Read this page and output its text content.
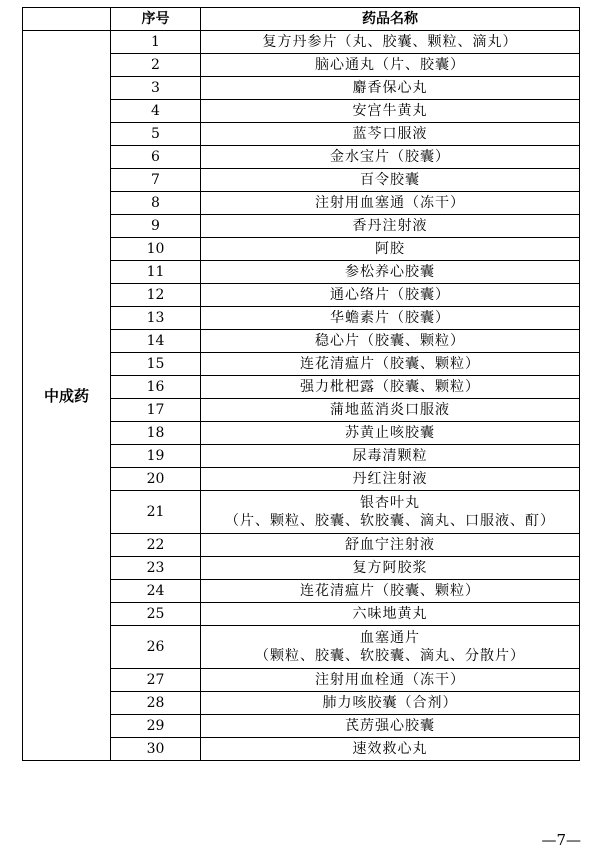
	序号	药品名称
中成药	1	复方丹参片（丸、胶囊、颗粒、滴丸）
	2	脑心通丸（片、胶囊）
	3	麝香保心丸
	4	安宫牛黄丸
	5	蓝芩口服液
	6	金水宝片（胶囊）
	7	百令胶囊
	8	注射用血塞通（冻干）
	9	香丹注射液
	10	阿胶
	11	参松养心胶囊
	12	通心络片（胶囊）
	13	华蟾素片（胶囊）
	14	稳心片（胶囊、颗粒）
	15	连花清瘟片（胶囊、颗粒）
	16	强力枇杷露（胶囊、颗粒）
	17	蒲地蓝消炎口服液
	18	苏黄止咳胶囊
	19	尿毒清颗粒
	20	丹红注射液
	21	银杏叶丸
（片、颗粒、胶囊、软胶囊、滴丸、口服液、酊）

	22	舒血宁注射液
	23	复方阿胶浆
	24	连花清瘟片（胶囊、颗粒）
	25	六味地黄丸
	26	血塞通片
（颗粒、胶囊、软胶囊、滴丸、分散片）

	27	注射用血栓通（冻干）
	28	肺力咳胶囊（合剂）
	29	芪苈强心胶囊
	30	速效救心丸
—7—
